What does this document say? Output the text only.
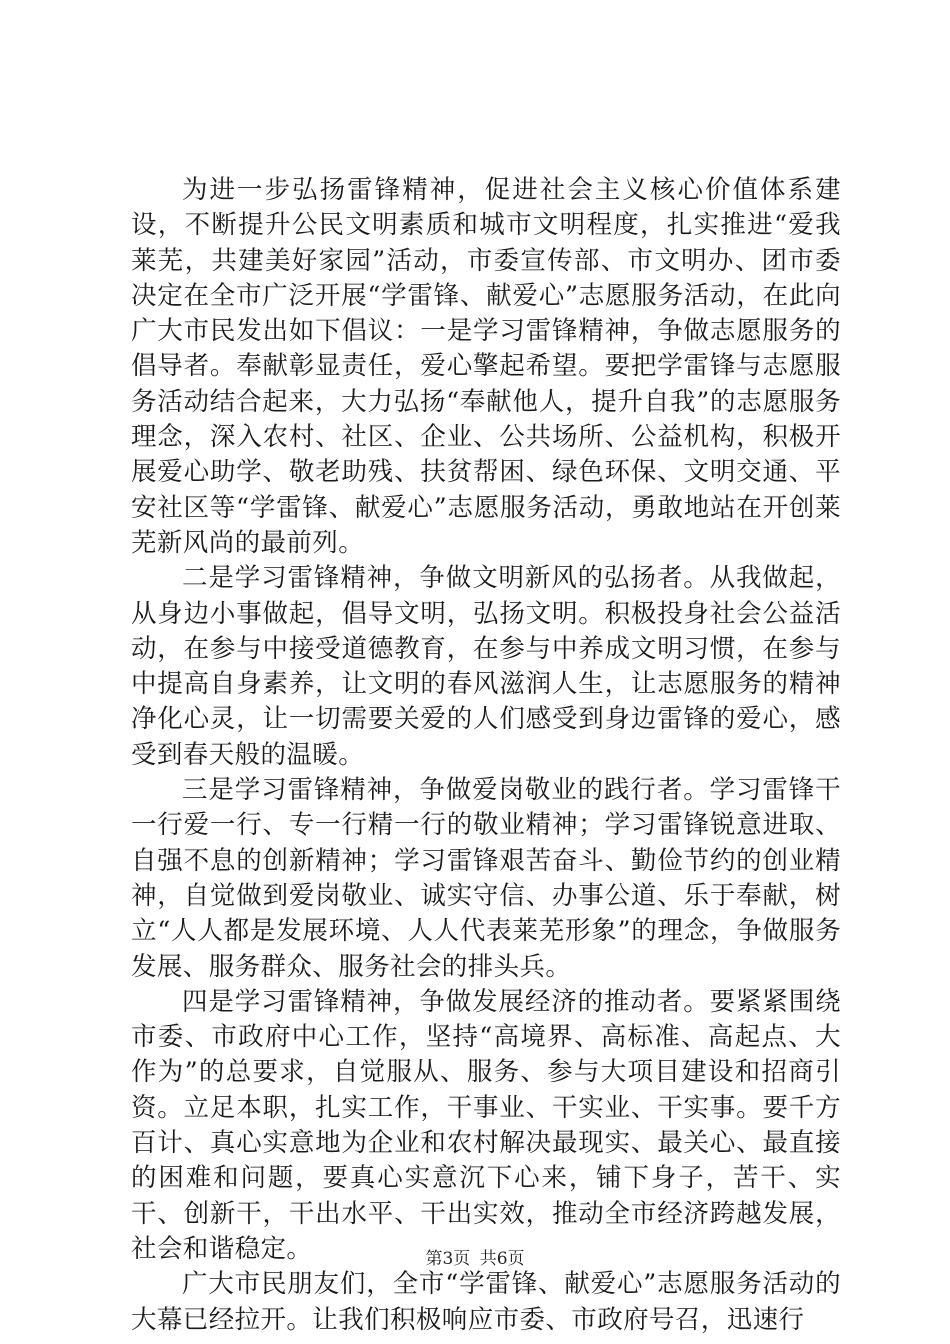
为进一步弘扬雷锋精神，促进社会主义核心价值体系建设，不断提升公民文明素质和城市文明程度，扎实推进“爱我莱芜，共建美好家园”活动，市委宣传部、市文明办、团市委决定在全市广泛开展“学雷锋、献爱心”志愿服务活动，在此向广大市民发出如下倡议：一是学习雷锋精神，争做志愿服务的倡导者。奉献彰显责任，爱心擎起希望。要把学雷锋与志愿服务活动结合起来，大力弘扬“奉献他人，提升自我”的志愿服务理念，深入农村、社区、企业、公共场所、公益机构，积极开展爱心助学、敬老助残、扶贫帮困、绿色环保、文明交通、平安社区等“学雷锋、献爱心”志愿服务活动，勇敢地站在开创莱芜新风尚的最前列。

二是学习雷锋精神，争做文明新风的弘扬者。从我做起，从身边小事做起，倡导文明，弘扬文明。积极投身社会公益活动，在参与中接受道德教育，在参与中养成文明习惯，在参与中提高自身素养，让文明的春风滋润人生，让志愿服务的精神净化心灵，让一切需要关爱的人们感受到身边雷锋的爱心，感受到春天般的温暖。

三是学习雷锋精神，争做爱岗敬业的践行者。学习雷锋干一行爱一行、专一行精一行的敬业精神；学习雷锋锐意进取、自强不息的创新精神；学习雷锋艰苦奋斗、勤俭节约的创业精神，自觉做到爱岗敬业、诚实守信、办事公道、乐于奉献，树立“人人都是发展环境、人人代表莱芜形象”的理念，争做服务发展、服务群众、服务社会的排头兵。

四是学习雷锋精神，争做发展经济的推动者。要紧紧围绕市委、市政府中心工作，坚持“高境界、高标准、高起点、大作为”的总要求，自觉服从、服务、参与大项目建设和招商引资。立足本职，扎实工作，干事业、干实业、干实事。要千方百计、真心实意地为企业和农村解决最现实、最关心、最直接的困难和问题，要真心实意沉下心来，铺下身子，苦干、实干、创新干，干出水平、干出实效，推动全市经济跨越发展，社会和谐稳定。

广大市民朋友们，全市“学雷锋、献爱心”志愿服务活动的大幕已经拉开。让我们积极响应市委、市政府号召，迅速行

第3页 共6页
